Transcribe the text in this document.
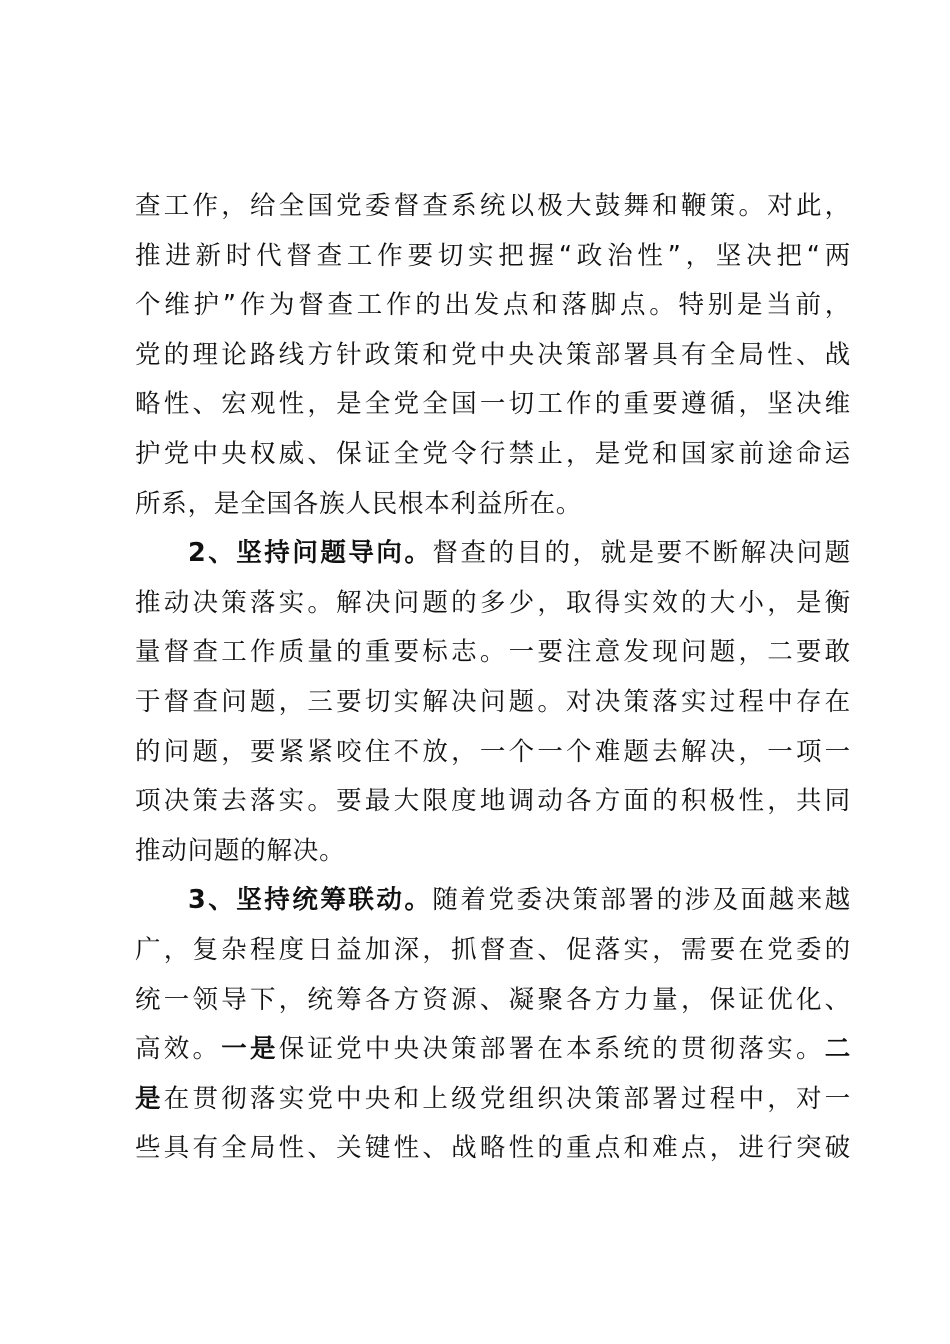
查工作，给全国党委督查系统以极大鼓舞和鞭策。对此，
推进新时代督查工作要切实把握“政治性”，坚决把“两
个维护”作为督查工作的出发点和落脚点。特别是当前，
党的理论路线方针政策和党中央决策部署具有全局性、战
略性、宏观性，是全党全国一切工作的重要遵循，坚决维
护党中央权威、保证全党令行禁止，是党和国家前途命运
所系，是全国各族人民根本利益所在。
2、坚持问题导向。督查的目的，就是要不断解决问题
推动决策落实。解决问题的多少，取得实效的大小，是衡
量督查工作质量的重要标志。一要注意发现问题，二要敢
于督查问题，三要切实解决问题。对决策落实过程中存在
的问题，要紧紧咬住不放，一个一个难题去解决，一项一
项决策去落实。要最大限度地调动各方面的积极性，共同
推动问题的解决。
3、坚持统筹联动。随着党委决策部署的涉及面越来越
广，复杂程度日益加深，抓督查、促落实，需要在党委的
统一领导下，统筹各方资源、凝聚各方力量，保证优化、
高效。一是保证党中央决策部署在本系统的贯彻落实。二
是在贯彻落实党中央和上级党组织决策部署过程中，对一
些具有全局性、关键性、战略性的重点和难点，进行突破
